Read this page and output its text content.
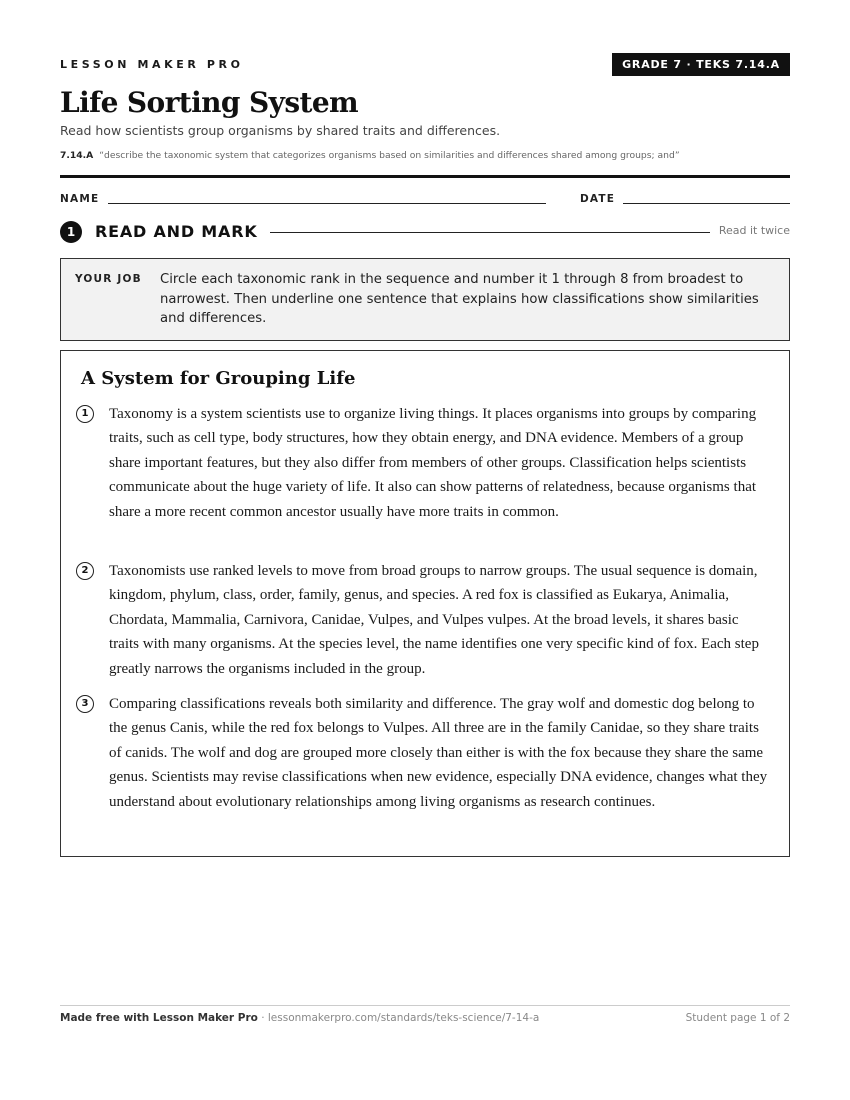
LESSON MAKER PRO	GRADE 7 · TEKS 7.14.A
Life Sorting System
Read how scientists group organisms by shared traits and differences.
7.14.A “describe the taxonomic system that categorizes organisms based on similarities and differences shared among groups; and”
NAME	DATE
1	READ AND MARK	Read it twice
YOUR JOB Circle each taxonomic rank in the sequence and number it 1 through 8 from broadest to narrowest. Then underline one sentence that explains how classifications show similarities and differences.
A System for Grouping Life
1	Taxonomy is a system scientists use to organize living things. It places organisms into groups by comparing traits, such as cell type, body structures, how they obtain energy, and DNA evidence. Members of a group share important features, but they also differ from members of other groups. Classification helps scientists communicate about the huge variety of life. It also can show patterns of relatedness, because organisms that share a more recent common ancestor usually have more traits in common.
2	Taxonomists use ranked levels to move from broad groups to narrow groups. The usual sequence is domain, kingdom, phylum, class, order, family, genus, and species. A red fox is classified as Eukarya, Animalia, Chordata, Mammalia, Carnivora, Canidae, Vulpes, and Vulpes vulpes. At the broad levels, it shares basic traits with many organisms. At the species level, the name identifies one very specific kind of fox. Each step greatly narrows the organisms included in the group.
3	Comparing classifications reveals both similarity and difference. The gray wolf and domestic dog belong to the genus Canis, while the red fox belongs to Vulpes. All three are in the family Canidae, so they share traits of canids. The wolf and dog are grouped more closely than either is with the fox because they share the same genus. Scientists may revise classifications when new evidence, especially DNA evidence, changes what they understand about evolutionary relationships among living organisms as research continues.
Made free with Lesson Maker Pro · lessonmakerpro.com/standards/teks-science/7-14-a	Student page 1 of 2
